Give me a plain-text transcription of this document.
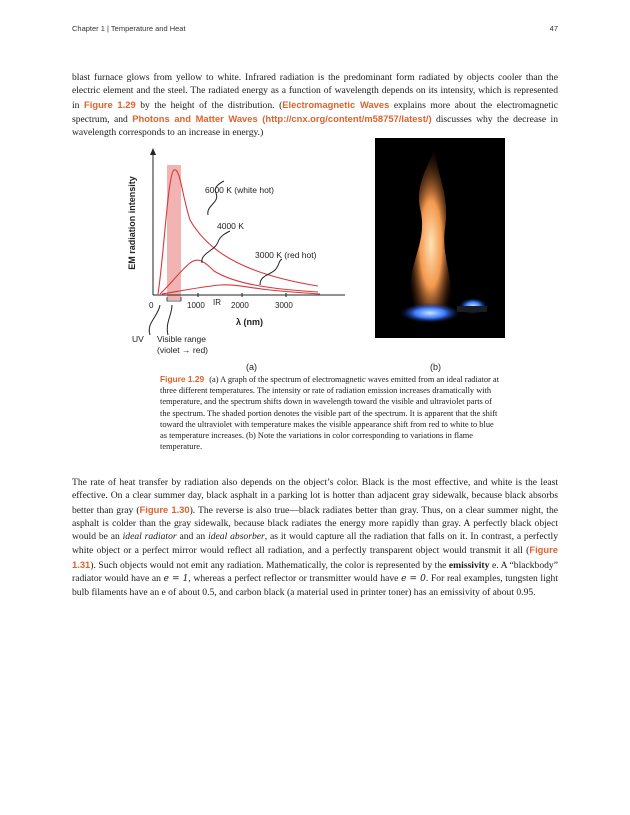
Chapter 1 | Temperature and Heat	47

blast furnace glows from yellow to white. Infrared radiation is the predominant form radiated by objects cooler than the electric element and the steel. The radiated energy as a function of wavelength depends on its intensity, which is represented in Figure 1.29 by the height of the distribution. (Electromagnetic Waves explains more about the electromagnetic spectrum, and Photons and Matter Waves (http://cnx.org/content/m58757/latest/) discusses why the decrease in wavelength corresponds to an increase in energy.)

EM radiation intensity
0	1000	2000	3000
IR
λ (nm)
6000 K (white hot)
4000 K
3000 K (red hot)
UV Visible range
(violet → red)
(a)	(b)

Figure 1.29 (a) A graph of the spectrum of electromagnetic waves emitted from an ideal radiator at three different temperatures. The intensity or rate of radiation emission increases dramatically with temperature, and the spectrum shifts down in wavelength toward the visible and ultraviolet parts of the spectrum. The shaded portion denotes the visible part of the spectrum. It is apparent that the shift toward the ultraviolet with temperature makes the visible appearance shift from red to white to blue as temperature increases. (b) Note the variations in color corresponding to variations in flame temperature.

The rate of heat transfer by radiation also depends on the object’s color. Black is the most effective, and white is the least effective. On a clear summer day, black asphalt in a parking lot is hotter than adjacent gray sidewalk, because black absorbs better than gray (Figure 1.30). The reverse is also true—black radiates better than gray. Thus, on a clear summer night, the asphalt is colder than the gray sidewalk, because black radiates the energy more rapidly than gray. A perfectly black object would be an ideal radiator and an ideal absorber, as it would capture all the radiation that falls on it. In contrast, a perfectly white object or a perfect mirror would reflect all radiation, and a perfectly transparent object would transmit it all (Figure 1.31). Such objects would not emit any radiation. Mathematically, the color is represented by the emissivity e. A “blackbody” radiator would have an e = 1, whereas a perfect reflector or transmitter would have e = 0. For real examples, tungsten light bulb filaments have an e of about 0.5, and carbon black (a material used in printer toner) has an emissivity of about 0.95.
